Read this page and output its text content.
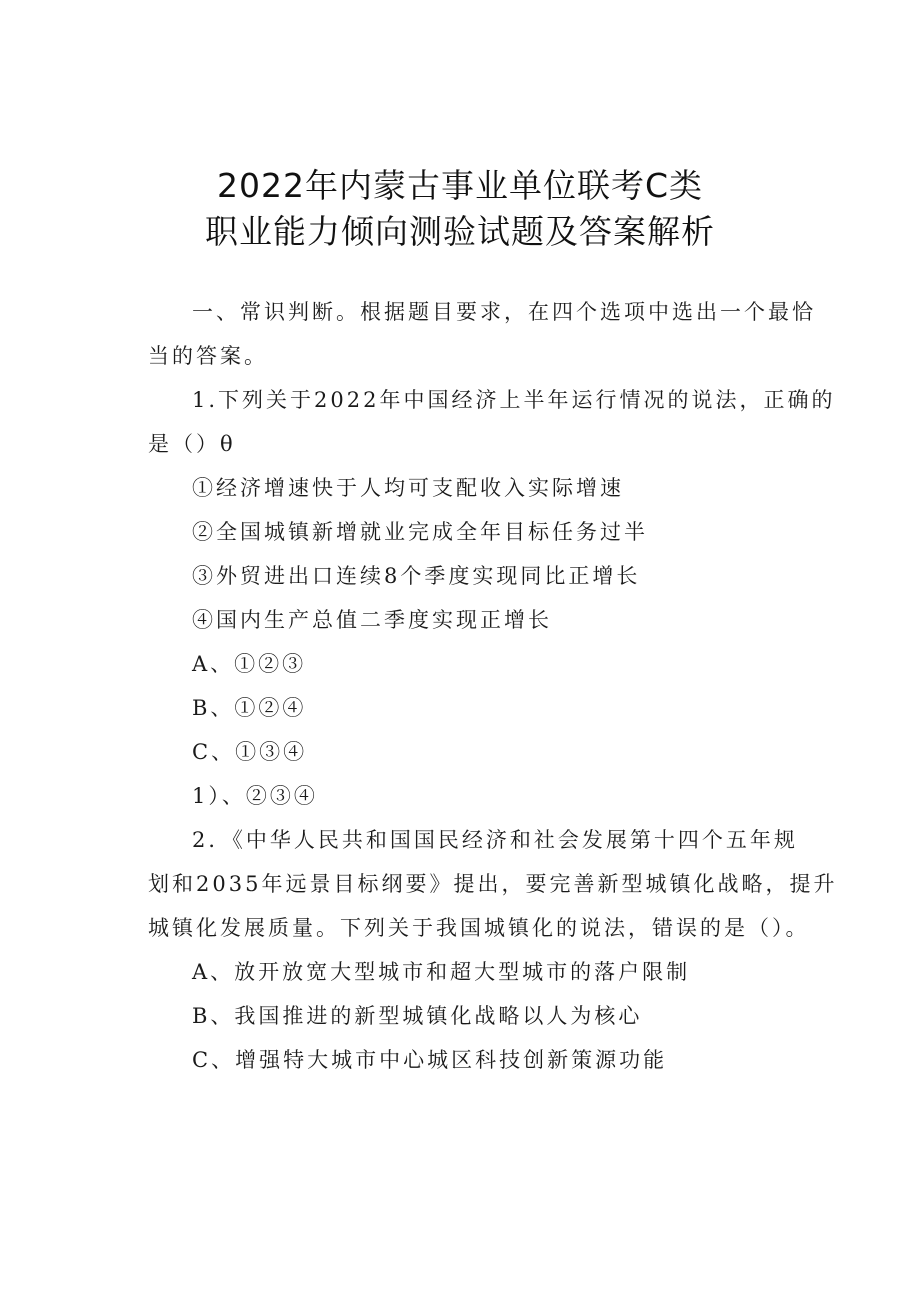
2022年内蒙古事业单位联考C类
职业能力倾向测验试题及答案解析

一、常识判断。根据题目要求，在四个选项中选出一个最恰

当的答案。

1.下列关于2022年中国经济上半年运行情况的说法，正确的

是（）θ

①经济增速快于人均可支配收入实际增速

②全国城镇新增就业完成全年目标任务过半

③外贸进出口连续8个季度实现同比正增长

④国内生产总值二季度实现正增长

A、①②③

B、①②④

C、①③④

1）、②③④

2．《中华人民共和国国民经济和社会发展第十四个五年规

划和2035年远景目标纲要》提出，要完善新型城镇化战略，提升

城镇化发展质量。下列关于我国城镇化的说法，错误的是（）。

A、放开放宽大型城市和超大型城市的落户限制

B、我国推进的新型城镇化战略以人为核心

C、增强特大城市中心城区科技创新策源功能
